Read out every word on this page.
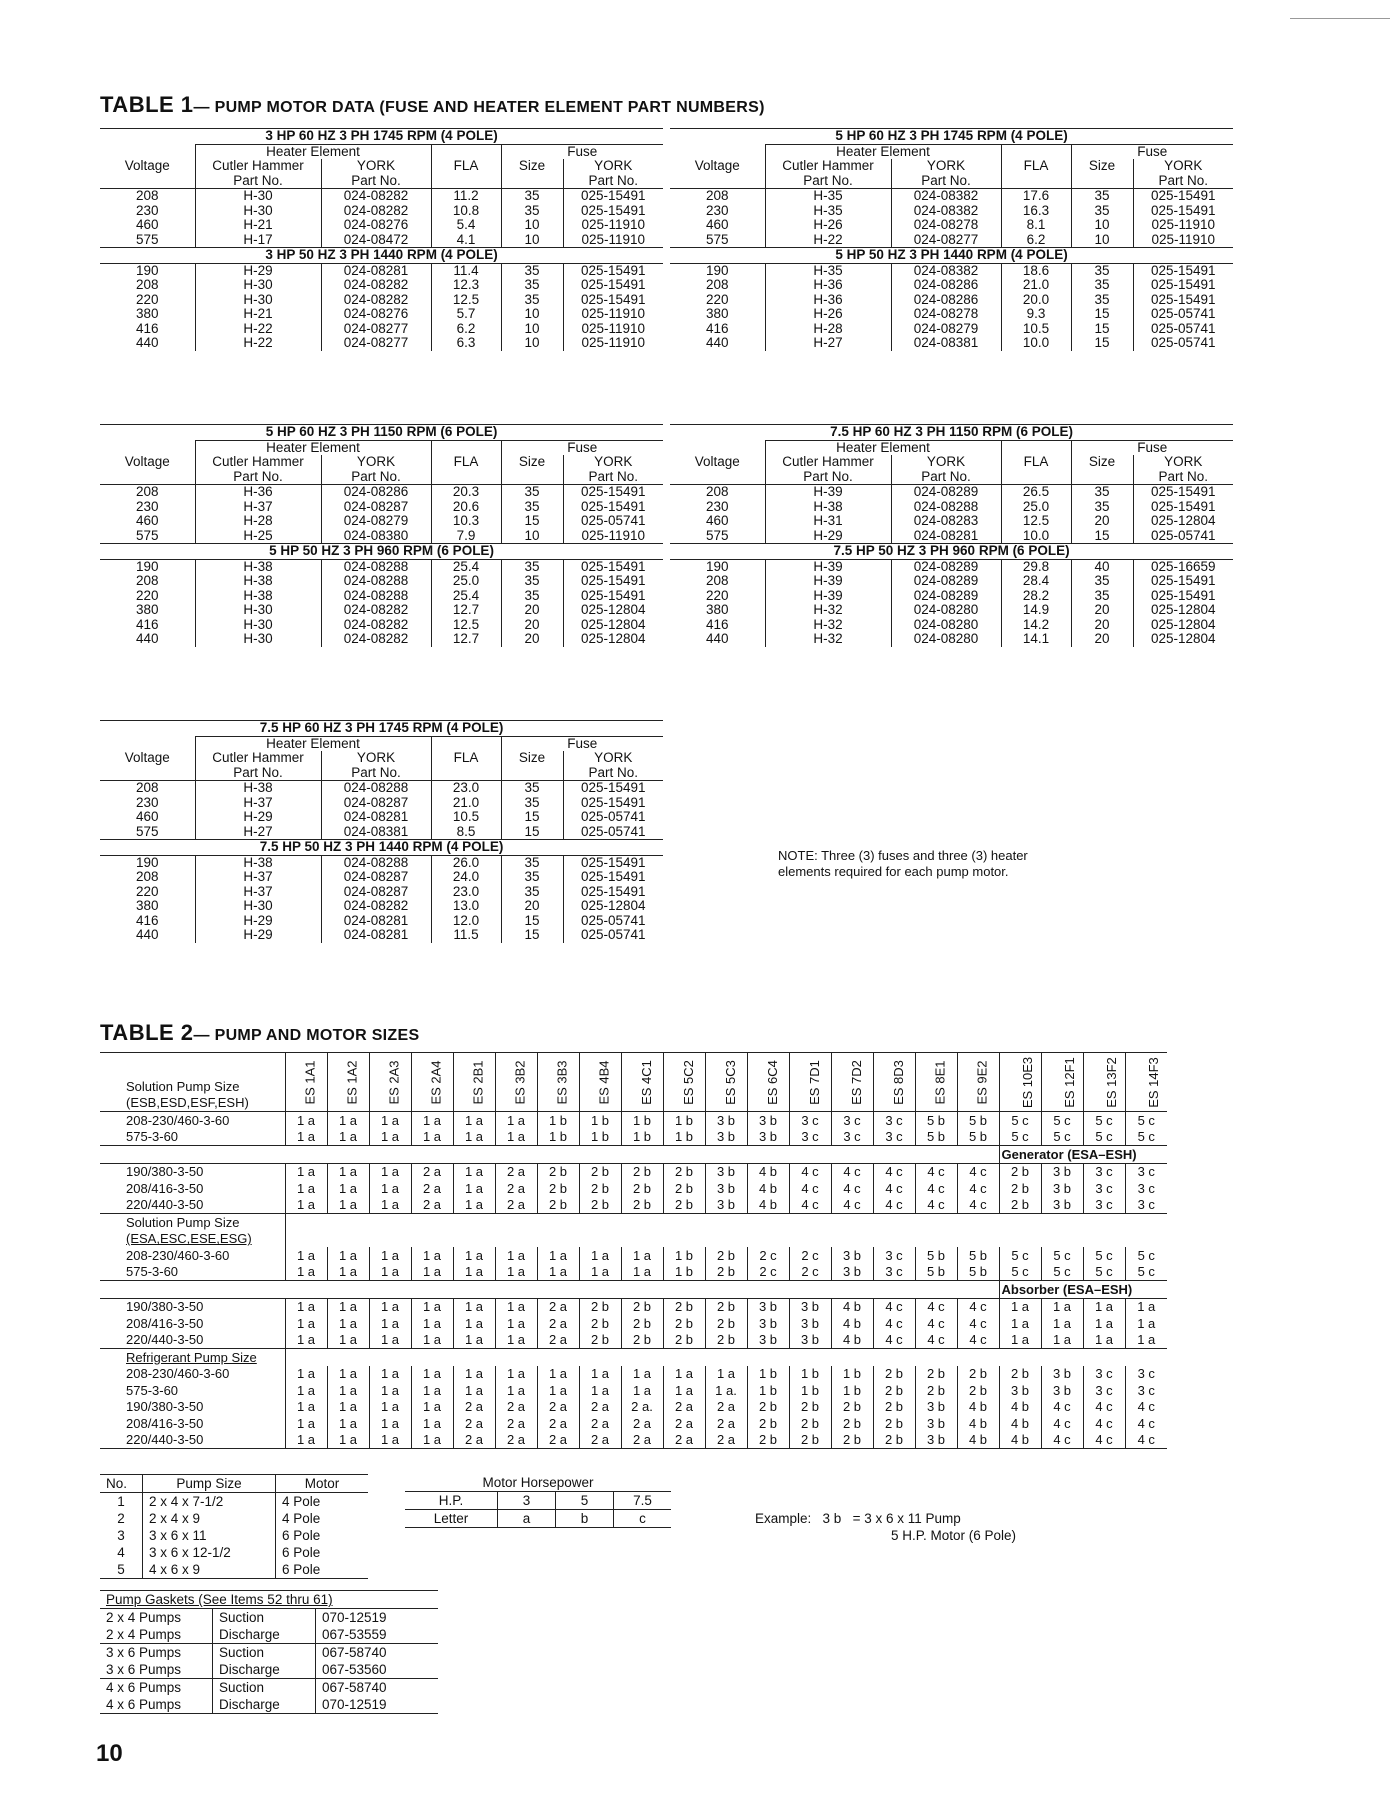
TABLE 1— PUMP MOTOR DATA (FUSE AND HEATER ELEMENT PART NUMBERS)
3 HP 60 HZ 3 PH 1745 RPM (4 POLE)					
	Heater Element			Fuse	
Voltage	Cutler Hammer	YORK	FLA	Size	YORK
	Part No.	Part No.			Part No.
208	H-30	024-08282	11.2	35	025-15491
230	H-30	024-08282	10.8	35	025-15491
460	H-21	024-08276	5.4	10	025-11910
575	H-17	024-08472	4.1	10	025-11910
3 HP 50 HZ 3 PH 1440 RPM (4 POLE)					
190	H-29	024-08281	11.4	35	025-15491
208	H-30	024-08282	12.3	35	025-15491
220	H-30	024-08282	12.5	35	025-15491
380	H-21	024-08276	5.7	10	025-11910
416	H-22	024-08277	6.2	10	025-11910
440	H-22	024-08277	6.3	10	025-11910
5 HP 60 HZ 3 PH 1745 RPM (4 POLE)					
	Heater Element			Fuse	
Voltage	Cutler Hammer	YORK	FLA	Size	YORK
	Part No.	Part No.			Part No.
208	H-35	024-08382	17.6	35	025-15491
230	H-35	024-08382	16.3	35	025-15491
460	H-26	024-08278	8.1	10	025-11910
575	H-22	024-08277	6.2	10	025-11910
5 HP 50 HZ 3 PH 1440 RPM (4 POLE)					
190	H-35	024-08382	18.6	35	025-15491
208	H-36	024-08286	21.0	35	025-15491
220	H-36	024-08286	20.0	35	025-15491
380	H-26	024-08278	9.3	15	025-05741
416	H-28	024-08279	10.5	15	025-05741
440	H-27	024-08381	10.0	15	025-05741
5 HP 60 HZ 3 PH 1150 RPM (6 POLE)					
	Heater Element			Fuse	
Voltage	Cutler Hammer	YORK	FLA	Size	YORK
	Part No.	Part No.			Part No.
208	H-36	024-08286	20.3	35	025-15491
230	H-37	024-08287	20.6	35	025-15491
460	H-28	024-08279	10.3	15	025-05741
575	H-25	024-08380	7.9	10	025-11910
5 HP 50 HZ 3 PH 960 RPM (6 POLE)					
190	H-38	024-08288	25.4	35	025-15491
208	H-38	024-08288	25.0	35	025-15491
220	H-38	024-08288	25.4	35	025-15491
380	H-30	024-08282	12.7	20	025-12804
416	H-30	024-08282	12.5	20	025-12804
440	H-30	024-08282	12.7	20	025-12804
7.5 HP 60 HZ 3 PH 1150 RPM (6 POLE)					
	Heater Element			Fuse	
Voltage	Cutler Hammer	YORK	FLA	Size	YORK
	Part No.	Part No.			Part No.
208	H-39	024-08289	26.5	35	025-15491
230	H-38	024-08288	25.0	35	025-15491
460	H-31	024-08283	12.5	20	025-12804
575	H-29	024-08281	10.0	15	025-05741
7.5 HP 50 HZ 3 PH 960 RPM (6 POLE)					
190	H-39	024-08289	29.8	40	025-16659
208	H-39	024-08289	28.4	35	025-15491
220	H-39	024-08289	28.2	35	025-15491
380	H-32	024-08280	14.9	20	025-12804
416	H-32	024-08280	14.2	20	025-12804
440	H-32	024-08280	14.1	20	025-12804
7.5 HP 60 HZ 3 PH 1745 RPM (4 POLE)					
	Heater Element			Fuse	
Voltage	Cutler Hammer	YORK	FLA	Size	YORK
	Part No.	Part No.			Part No.
208	H-38	024-08288	23.0	35	025-15491
230	H-37	024-08287	21.0	35	025-15491
460	H-29	024-08281	10.5	15	025-05741
575	H-27	024-08381	8.5	15	025-05741
7.5 HP 50 HZ 3 PH 1440 RPM (4 POLE)					
190	H-38	024-08288	26.0	35	025-15491
208	H-37	024-08287	24.0	35	025-15491
220	H-37	024-08287	23.0	35	025-15491
380	H-30	024-08282	13.0	20	025-12804
416	H-29	024-08281	12.0	15	025-05741
440	H-29	024-08281	11.5	15	025-05741
NOTE: Three (3) fuses and three (3) heater elements required for each pump motor.
TABLE 2— PUMP AND MOTOR SIZES
Solution Pump Size
(ESB,ESD,ESF,ESH)	ES 1A1	ES 1A2	ES 2A3	ES 2A4	ES 2B1	ES 3B2	ES 3B3	ES 4B4	ES 4C1	ES 5C2	ES 5C3	ES 6C4	ES 7D1	ES 7D2	ES 8D3	ES 8E1	ES 9E2	ES 10E3	ES 12F1	ES 13F2	ES 14F3
208-230/460-3-60	1 a	1 a	1 a	1 a	1 a	1 a	1 b	1 b	1 b	1 b	3 b	3 b	3 c	3 c	3 c	5 b	5 b	5 c	5 c	5 c	5 c
575-3-60	1 a	1 a	1 a	1 a	1 a	1 a	1 b	1 b	1 b	1 b	3 b	3 b	3 c	3 c	3 c	5 b	5 b	5 c	5 c	5 c	5 c
																		Generator (ESA–ESH)			
190/380-3-50	1 a	1 a	1 a	2 a	1 a	2 a	2 b	2 b	2 b	2 b	3 b	4 b	4 c	4 c	4 c	4 c	4 c	2 b	3 b	3 c	3 c
208/416-3-50	1 a	1 a	1 a	2 a	1 a	2 a	2 b	2 b	2 b	2 b	3 b	4 b	4 c	4 c	4 c	4 c	4 c	2 b	3 b	3 c	3 c
220/440-3-50	1 a	1 a	1 a	2 a	1 a	2 a	2 b	2 b	2 b	2 b	3 b	4 b	4 c	4 c	4 c	4 c	4 c	2 b	3 b	3 c	3 c
Solution Pump Size																					
(ESA,ESC,ESE,ESG)																					
208-230/460-3-60	1 a	1 a	1 a	1 a	1 a	1 a	1 a	1 a	1 a	1 b	2 b	2 c	2 c	3 b	3 c	5 b	5 b	5 c	5 c	5 c	5 c
575-3-60	1 a	1 a	1 a	1 a	1 a	1 a	1 a	1 a	1 a	1 b	2 b	2 c	2 c	3 b	3 c	5 b	5 b	5 c	5 c	5 c	5 c
																		Absorber (ESA–ESH)			
190/380-3-50	1 a	1 a	1 a	1 a	1 a	1 a	2 a	2 b	2 b	2 b	2 b	3 b	3 b	4 b	4 c	4 c	4 c	1 a	1 a	1 a	1 a
208/416-3-50	1 a	1 a	1 a	1 a	1 a	1 a	2 a	2 b	2 b	2 b	2 b	3 b	3 b	4 b	4 c	4 c	4 c	1 a	1 a	1 a	1 a
220/440-3-50	1 a	1 a	1 a	1 a	1 a	1 a	2 a	2 b	2 b	2 b	2 b	3 b	3 b	4 b	4 c	4 c	4 c	1 a	1 a	1 a	1 a
Refrigerant Pump Size																					
208-230/460-3-60	1 a	1 a	1 a	1 a	1 a	1 a	1 a	1 a	1 a	1 a	1 a	1 b	1 b	1 b	2 b	2 b	2 b	2 b	3 b	3 c	3 c
575-3-60	1 a	1 a	1 a	1 a	1 a	1 a	1 a	1 a	1 a	1 a	1 a.	1 b	1 b	1 b	2 b	2 b	2 b	3 b	3 b	3 c	3 c
190/380-3-50	1 a	1 a	1 a	1 a	2 a	2 a	2 a	2 a	2 a.	2 a	2 a	2 b	2 b	2 b	2 b	3 b	4 b	4 b	4 c	4 c	4 c
208/416-3-50	1 a	1 a	1 a	1 a	2 a	2 a	2 a	2 a	2 a	2 a	2 a	2 b	2 b	2 b	2 b	3 b	4 b	4 b	4 c	4 c	4 c
220/440-3-50	1 a	1 a	1 a	1 a	2 a	2 a	2 a	2 a	2 a	2 a	2 a	2 b	2 b	2 b	2 b	3 b	4 b	4 b	4 c	4 c	4 c
No.	Pump Size	Motor
1	2 x 4 x 7-1/2	4 Pole
2	2 x 4 x 9	4 Pole
3	3 x 6 x 11	6 Pole
4	3 x 6 x 12-1/2	6 Pole
5	4 x 6 x 9	6 Pole
Motor Horsepower			
H.P.	3	5	7.5
Letter	a	b	c	Example: 3 b = 3 x 6 x 11 Pump
5 H.P. Motor (6 Pole)
Pump Gaskets (See Items 52 thru 61)		
2 x 4 Pumps	Suction	070-12519
2 x 4 Pumps	Discharge	067-53559
3 x 6 Pumps	Suction	067-58740
3 x 6 Pumps	Discharge	067-53560
4 x 6 Pumps	Suction	067-58740
4 x 6 Pumps	Discharge	070-12519
10
